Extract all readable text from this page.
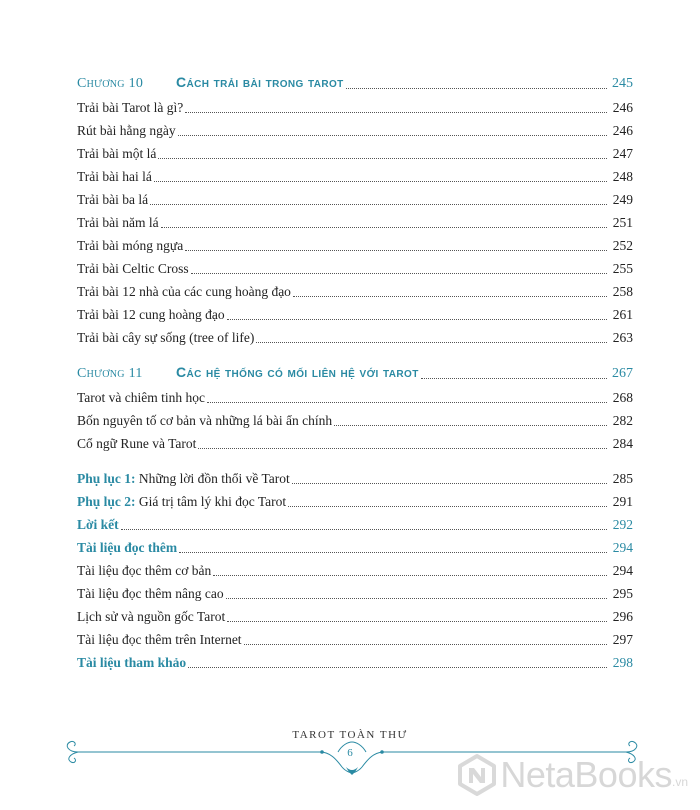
Chương 10 Cách trải bài trong tarot	245
Trải bài Tarot là gì?	246
Rút bài hằng ngày	246
Trải bài một lá	247
Trải bài hai lá	248
Trải bài ba lá	249
Trải bài năm lá	251
Trải bài móng ngựa	252
Trải bài Celtic Cross	255
Trải bài 12 nhà của các cung hoàng đạo	258
Trải bài 12 cung hoàng đạo	261
Trải bài cây sự sống (tree of life)	263
Chương 11 Các hệ thống có mối liên hệ với tarot	267
Tarot và chiêm tinh học	268
Bốn nguyên tố cơ bản và những lá bài ẩn chính	282
Cổ ngữ Rune và Tarot	284
Phụ lục 1: Những lời đồn thổi về Tarot	285
Phụ lục 2: Giá trị tâm lý khi đọc Tarot	291
Lời kết	292
Tài liệu đọc thêm	294
Tài liệu đọc thêm cơ bản	294
Tài liệu đọc thêm nâng cao	295
Lịch sử và nguồn gốc Tarot	296
Tài liệu đọc thêm trên Internet	297
Tài liệu tham khảo	298
TAROT TOÀN THƯ
6
NetaBooks .vn
